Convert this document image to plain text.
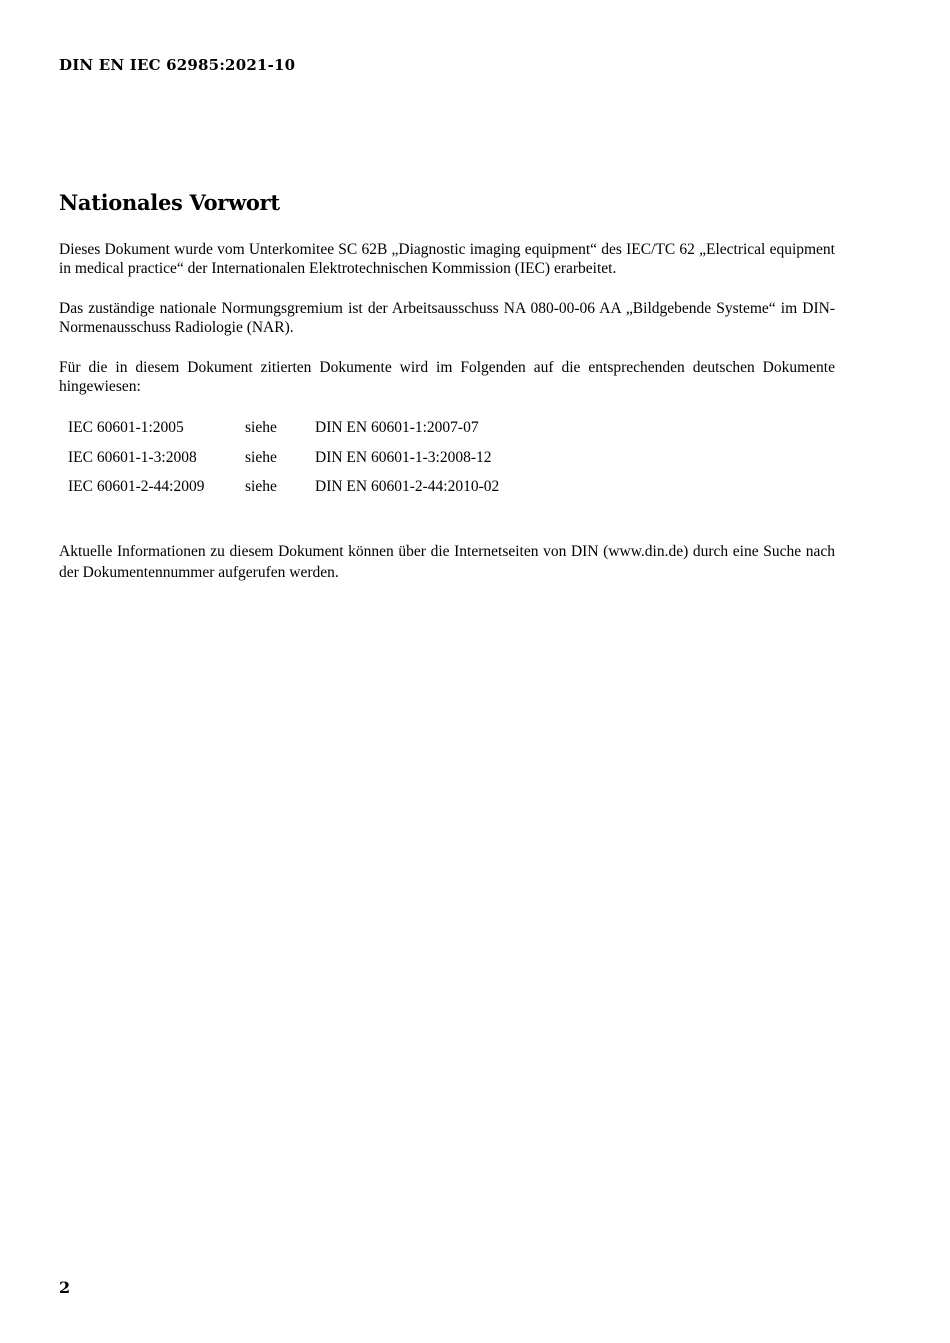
DIN EN IEC 62985:2021-10
Nationales Vorwort

Dieses Dokument wurde vom Unterkomitee SC 62B „Diagnostic imaging equipment“ des IEC/TC 62 „Electrical equipment in medical practice“ der Internationalen Elektrotechnischen Kommission (IEC) erarbeitet.

Das zuständige nationale Normungsgremium ist der Arbeitsausschuss NA 080-00-06 AA „Bildgebende Systeme“ im DIN-Normenausschuss Radiologie (NAR).

Für die in diesem Dokument zitierten Dokumente wird im Folgenden auf die entsprechenden deutschen Dokumente hingewiesen:

IEC 60601-1:2005	siehe DIN EN 60601-1:2007-07
IEC 60601-1-3:2008	siehe DIN EN 60601-1-3:2008-12
IEC 60601-2-44:2009	siehe DIN EN 60601-2-44:2010-02

Aktuelle Informationen zu diesem Dokument können über die Internetseiten von DIN (www.din.de) durch eine Suche nach der Dokumentennummer aufgerufen werden.

2
